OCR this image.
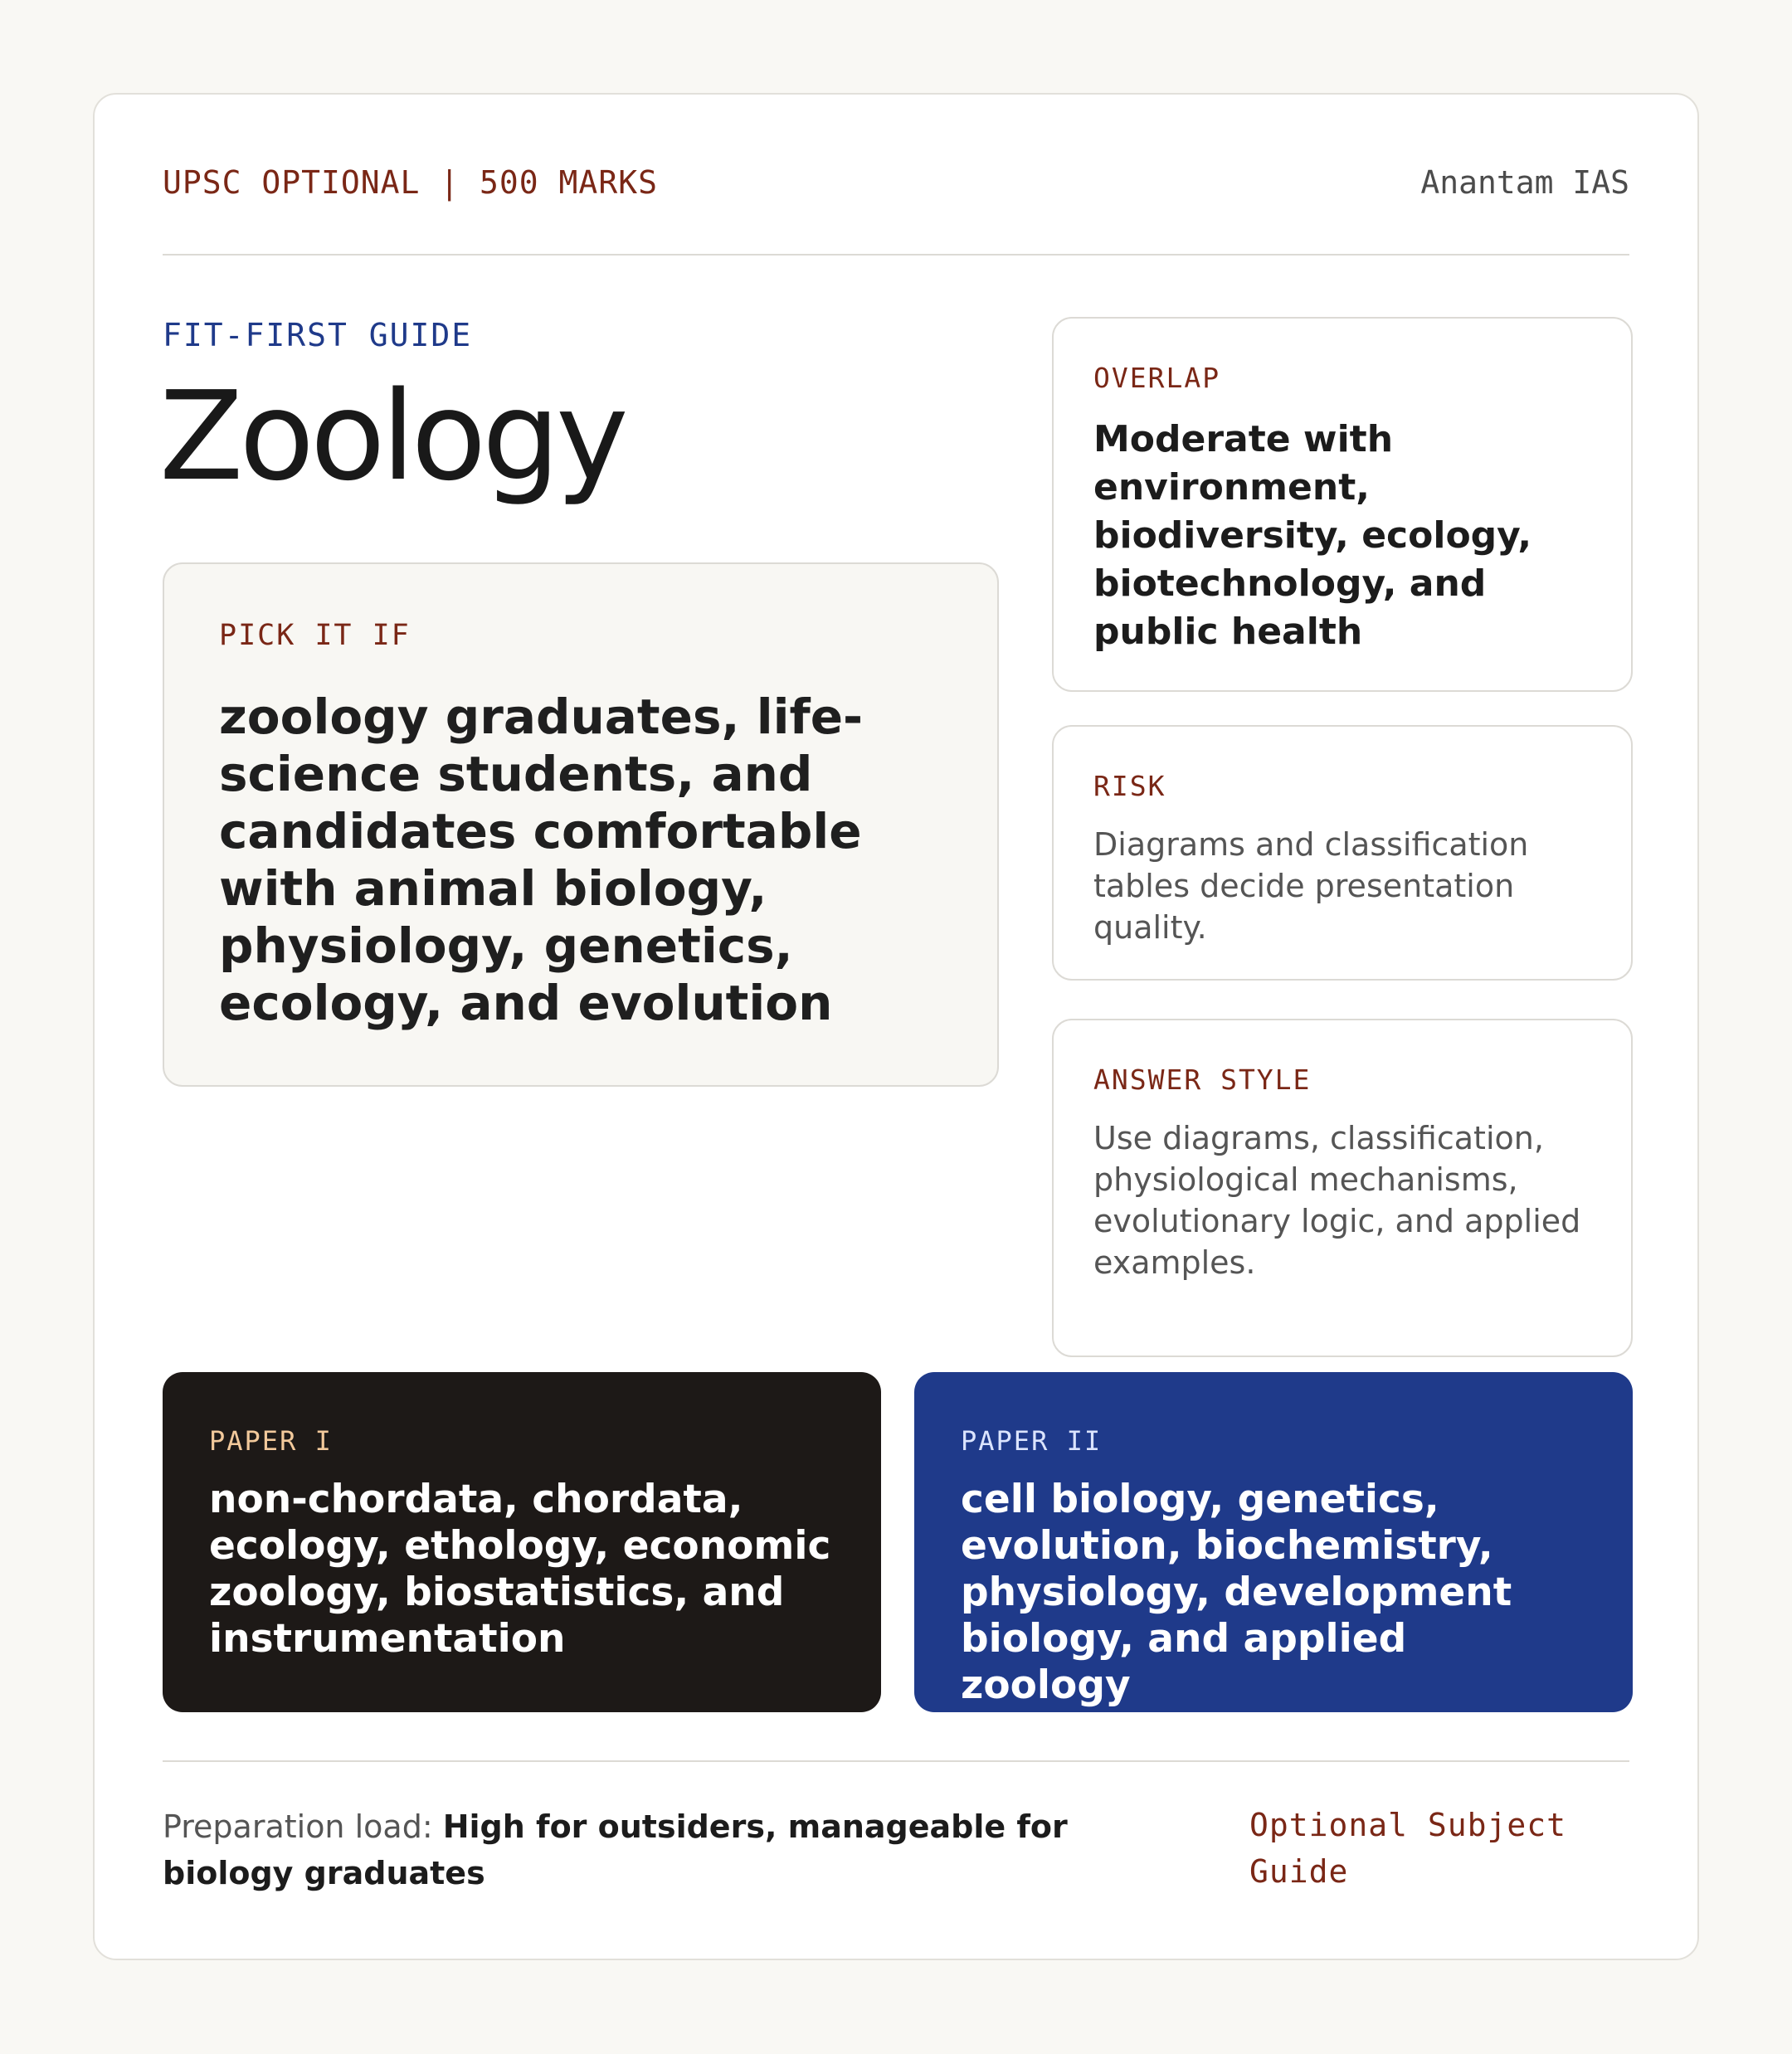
UPSC OPTIONAL | 500 MARKS	Anantam IAS
FIT-FIRST GUIDE
Zoology
PICK IT IF
zoology graduates, life-science students, and candidates comfortable with animal biology, physiology, genetics, ecology, and evolution
OVERLAP
Moderate with environment, biodiversity, ecology, biotechnology, and public health
RISK
Diagrams and classification tables decide presentation quality.
ANSWER STYLE
Use diagrams, classification, physiological mechanisms, evolutionary logic, and applied examples.
PAPER I
non-chordata, chordata, ecology, ethology, economic zoology, biostatistics, and instrumentation
PAPER II
cell biology, genetics, evolution, biochemistry, physiology, development biology, and applied zoology
Preparation load: High for outsiders, manageable for biology graduates
Optional Subject Guide
